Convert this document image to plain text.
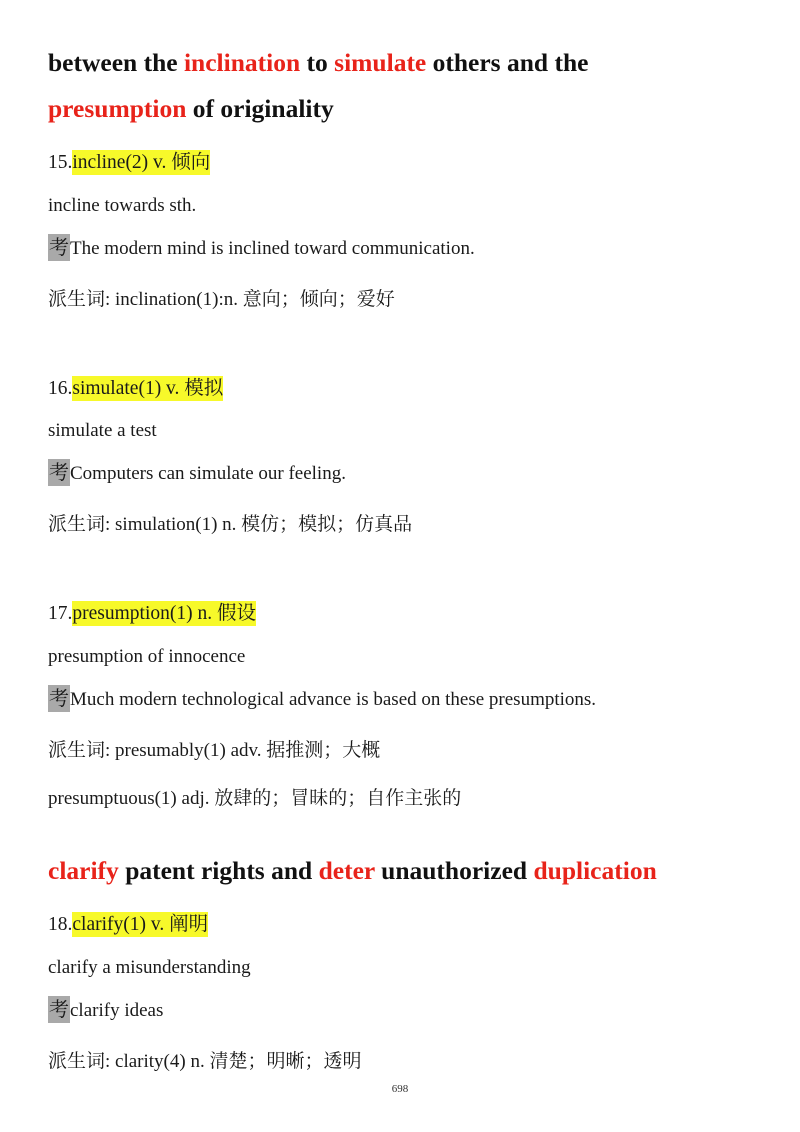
between the inclination to simulate others and the
presumption of originality
15.incline(2) v. 倾向
incline towards sth.
考The modern mind is inclined toward communication.
派生词: inclination(1):n. 意向；倾向；爱好
16.simulate(1) v. 模拟
simulate a test
考Computers can simulate our feeling.
派生词: simulation(1) n. 模仿；模拟；仿真品
17.presumption(1) n. 假设
presumption of innocence
考Much modern technological advance is based on these presumptions.
派生词: presumably(1) adv. 据推测；大概
presumptuous(1) adj. 放肆的；冒昧的；自作主张的
clarify patent rights and deter unauthorized duplication
18.clarify(1) v. 阐明
clarify a misunderstanding
考clarify ideas
派生词: clarity(4) n. 清楚；明晰；透明
698
